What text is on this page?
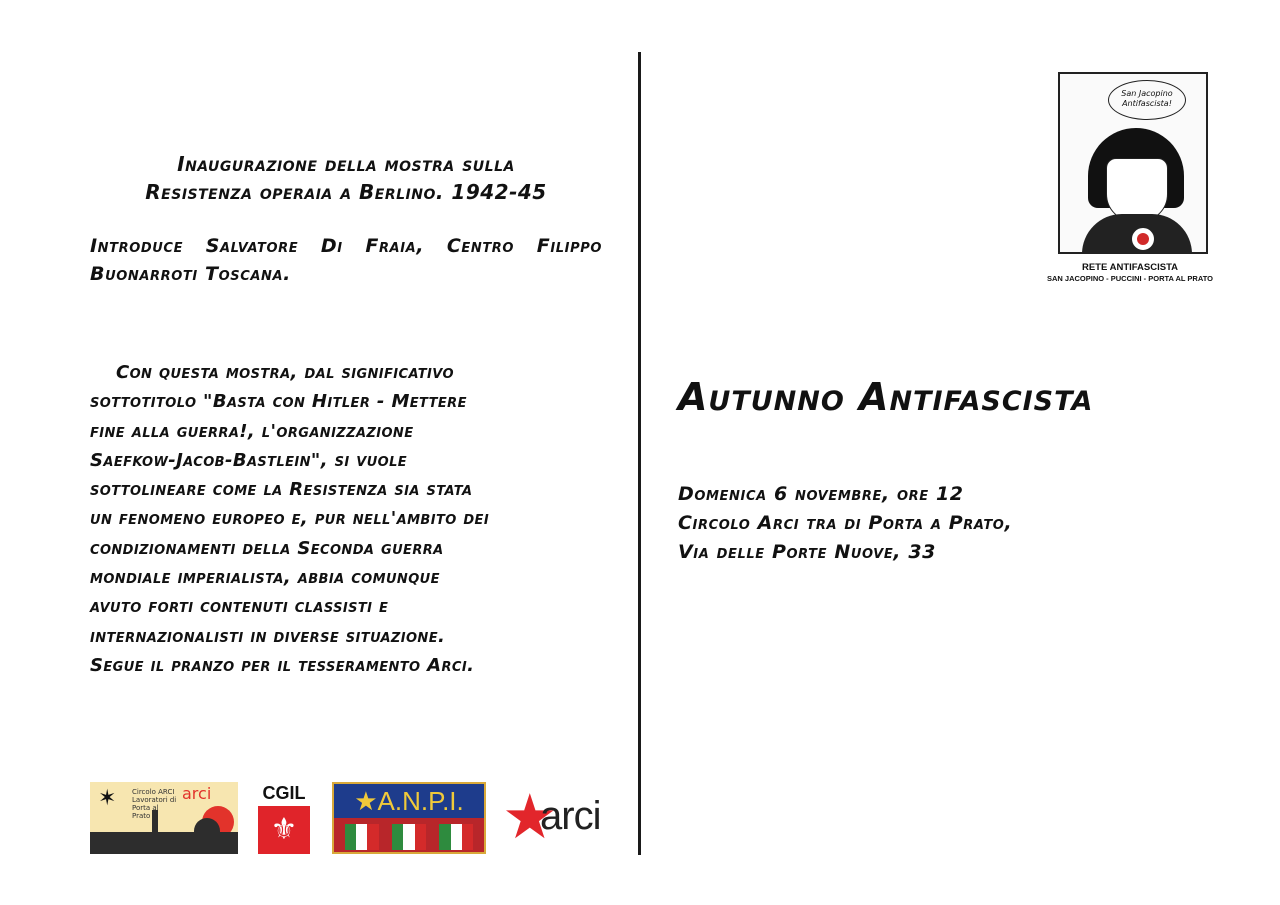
Inaugurazione della mostra sulla
Resistenza operaia a Berlino. 1942-45

Introduce Salvatore Di Fraia, Centro Filippo Buonarroti Toscana.

Con questa mostra, dal significativo
sottotitolo "Basta con Hitler - Mettere
fine alla guerra!, l'organizzazione
Saefkow-Jacob-Bastlein", si vuole
sottolineare come la Resistenza sia stata
un fenomeno europeo e, pur nell'ambito dei
condizionamenti della Seconda guerra
mondiale imperialista, abbia comunque
avuto forti contenuti classisti e
internazionalisti in diverse situazione.
Segue il pranzo per il tesseramento Arci.

✶	arci
Circolo ARCI
Lavoratori di
Porta al
Prato
CGIL
⚜
★A.N.P.I. ★
arci
San Jacopino Antifascista!
RETE ANTIFASCISTA
SAN JACOPINO - PUCCINI - PORTA AL PRATO
Autunno Antifascista
Domenica 6 novembre, ore 12
Circolo Arci tra di Porta a Prato,
Via delle Porte Nuove, 33
